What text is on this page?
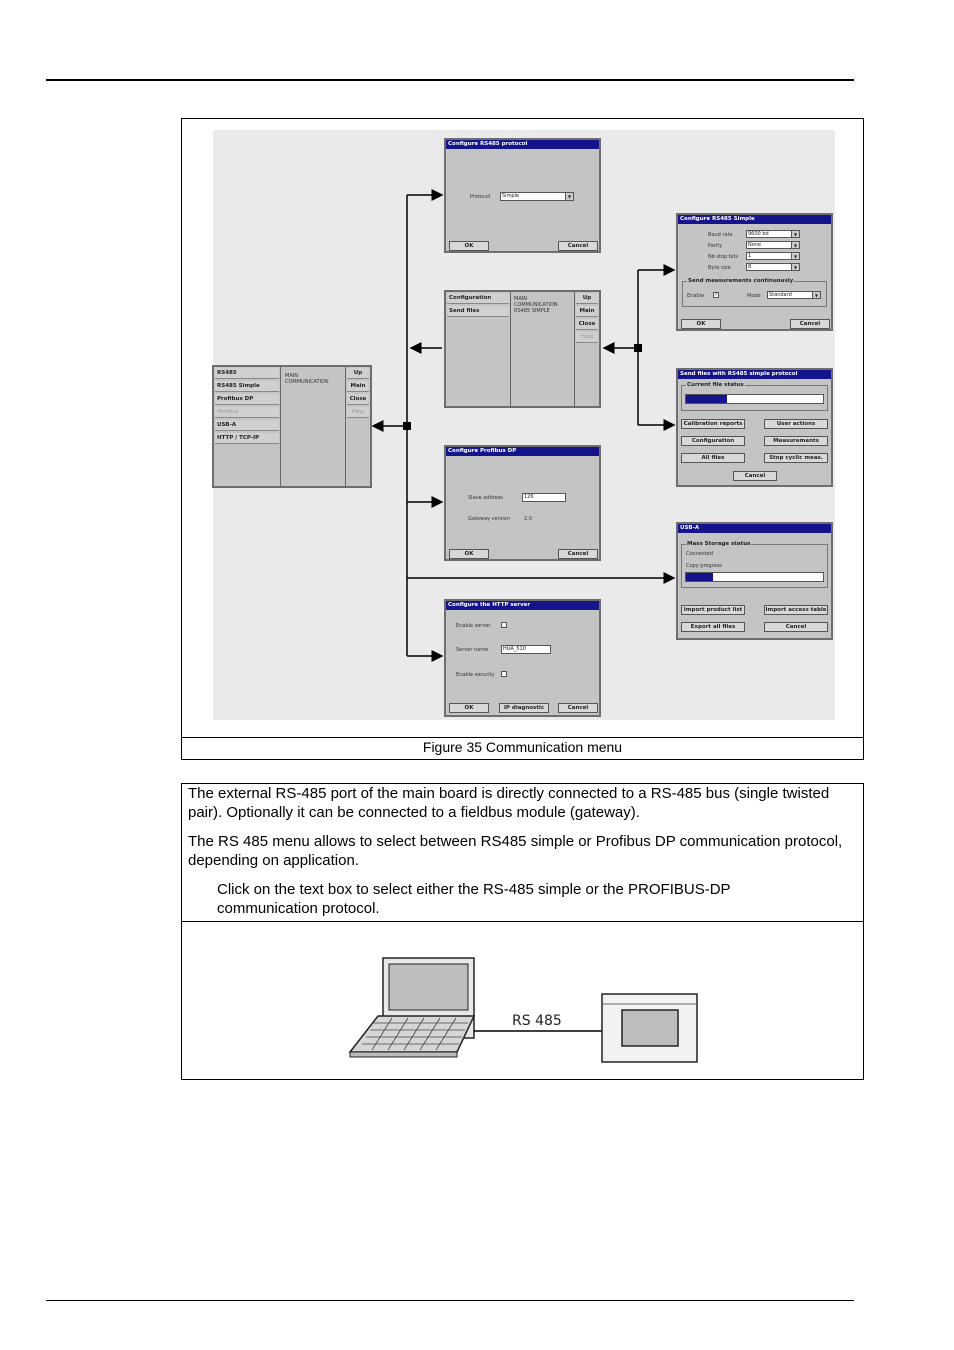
Figure 35 Communication menu
RS485
RS485 Simple
Profibus DP
Modbus
USB-A
HTTP / TCP-IP
MAIN
COMMUNICATION
Up
Main
Close
Help
Configure RS485 protocol
Protocol	Simple	▼
OK	Cancel
Configuration
Send files
MAIN
COMMUNICATION
RS485 SIMPLE
Up
Main
Close
Help
Configure RS485 Simple
Baud rate	9600 bd	▼
Parity	None	▼
Nb stop bits	1	▼
Byte size	8	▼
Send measurements continuously
Enable ✓	Mode	Standard	▼
OK	Cancel
Send files with RS485 simple protocol
Current file status
Calibration reports	User actions
Configuration	Measurements
All files	Stop cyclic meas.
Cancel
Configure Profibus DP
Slave address	126
Gateway version	2.0
OK	Cancel
USB-A
Mass Storage status
Connected
Copy progress
Import product list	Import access table
Export all files	Cancel
Configure the HTTP server
Enable server
Server name	HUA_510
Enable security
OK	IP diagnostic	Cancel
The external RS-485 port of the main board is directly connected to a RS-485 bus (single twisted pair). Optionally it can be connected to a fieldbus module (gateway).
The RS 485 menu allows to select between RS485 simple or Profibus DP communication protocol, depending on application.
Click on the text box to select either the RS-485 simple or the PROFIBUS-DP communication protocol.
RS 485
